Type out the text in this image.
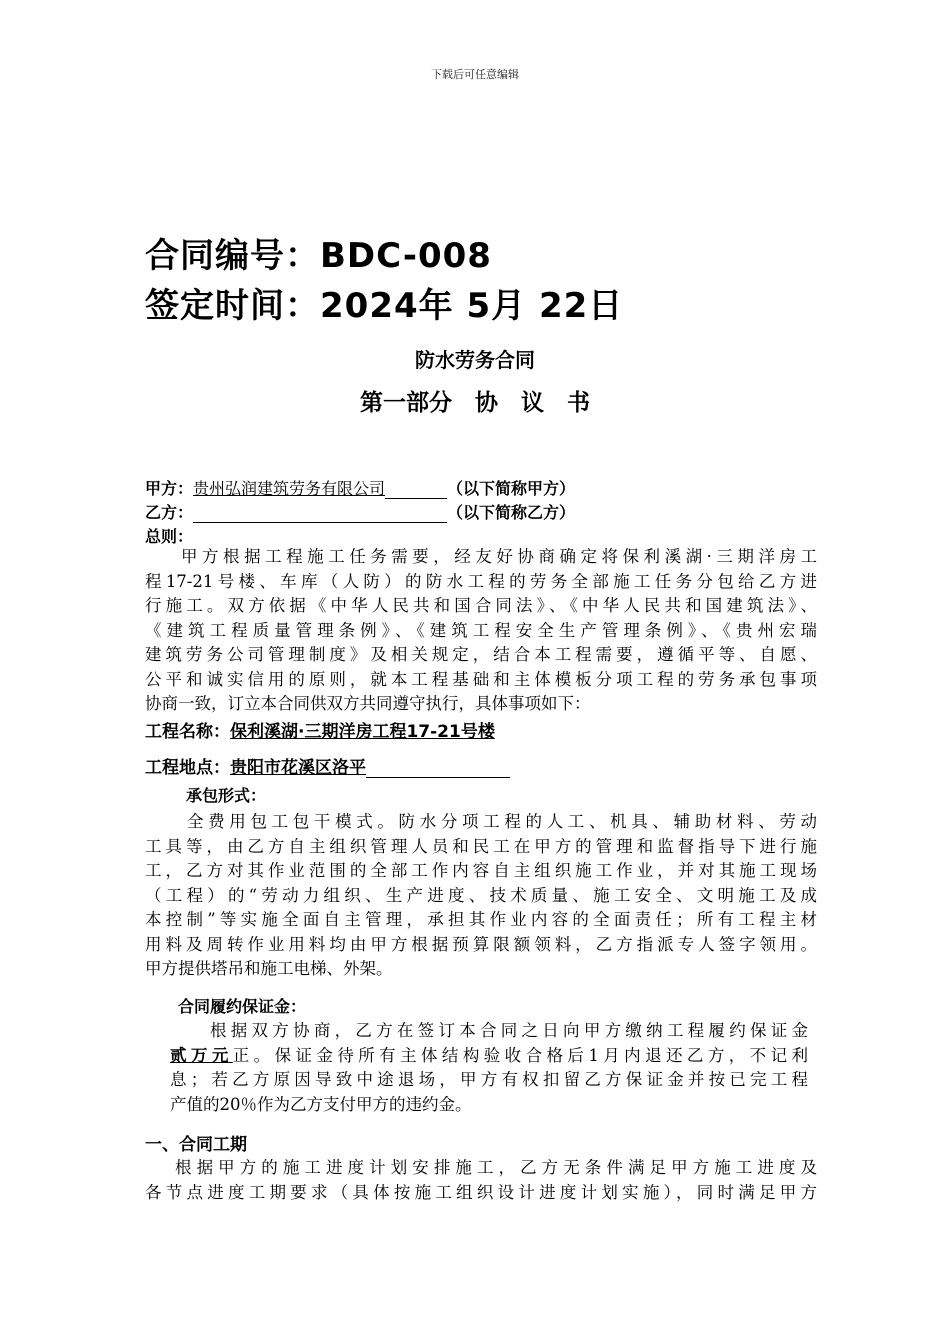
下载后可任意编辑
合同编号：BDC-008
签定时间：2024年 5月 22日
防水劳务合同
第一部分　协　议　书
甲方：贵州弘润建筑劳务有限公司	（以下简称甲方）
乙方：	（以下简称乙方）
总则：
甲方根据工程施工任务需要，经友好协商确定将保利溪湖·三期洋房工
程17-21号楼、车库（人防）的防水工程的劳务全部施工任务分包给乙方进
行施工。双方依据《中华人民共和国合同法》、《中华人民共和国建筑法》、
《建筑工程质量管理条例》、《建筑工程安全生产管理条例》、《贵州宏瑞
建筑劳务公司管理制度》及相关规定，结合本工程需要，遵循平等、自愿、
公平和诚实信用的原则，就本工程基础和主体模板分项工程的劳务承包事项
协商一致，订立本合同供双方共同遵守执行，具体事项如下：
工程名称：保利溪湖·三期洋房工程17-21号楼
工程地点：贵阳市花溪区洛平
承包形式：
全费用包工包干模式。防水分项工程的人工、机具、辅助材料、劳动
工具等，由乙方自主组织管理人员和民工在甲方的管理和监督指导下进行施
工，乙方对其作业范围的全部工作内容自主组织施工作业，并对其施工现场
（工程）的“劳动力组织、生产进度、技术质量、施工安全、文明施工及成
本控制”等实施全面自主管理，承担其作业内容的全面责任；所有工程主材
用料及周转作业用料均由甲方根据预算限额领料，乙方指派专人签字领用。
甲方提供塔吊和施工电梯、外架。
合同履约保证金：
根据双方协商，乙方在签订本合同之日向甲方缴纳工程履约保证金
贰万元正。保证金待所有主体结构验收合格后1月内退还乙方，不记利
息；若乙方原因导致中途退场，甲方有权扣留乙方保证金并按已完工程
产值的20％作为乙方支付甲方的违约金。
一、合同工期
根据甲方的施工进度计划安排施工，乙方无条件满足甲方施工进度及
各节点进度工期要求（具体按施工组织设计进度计划实施），同时满足甲方
